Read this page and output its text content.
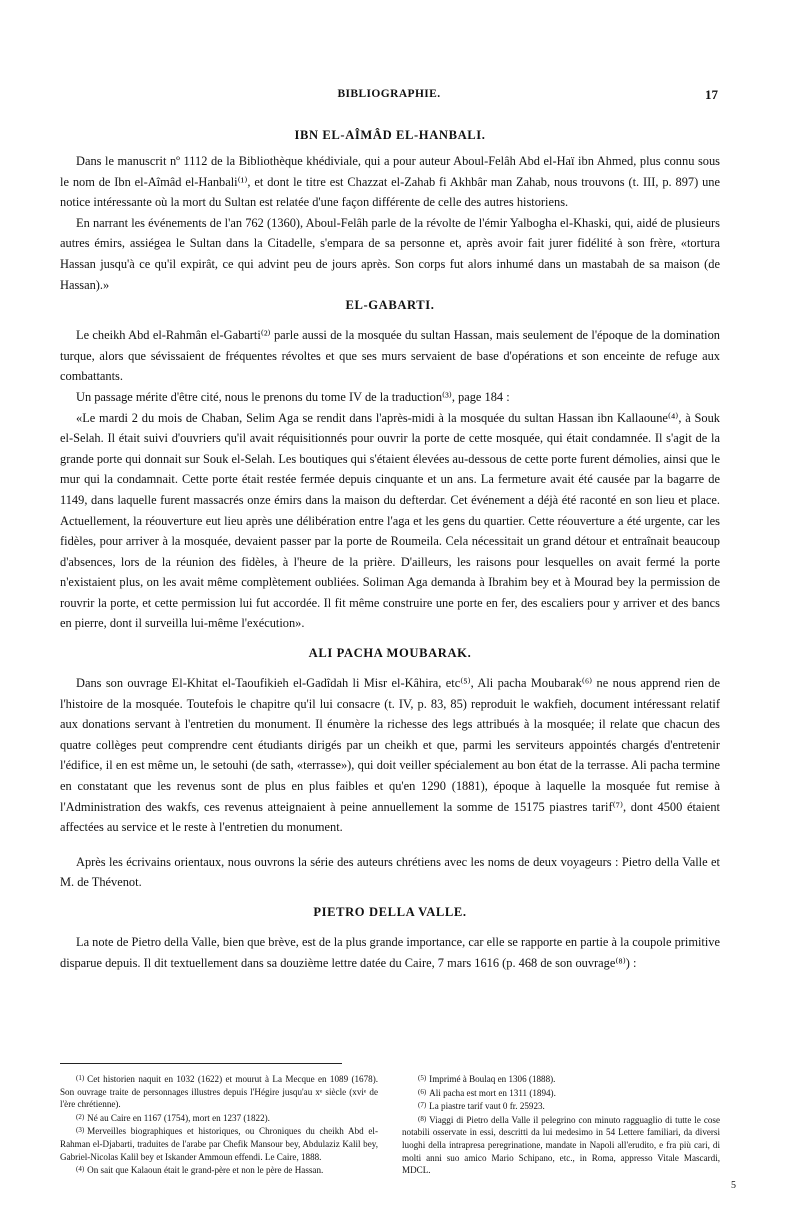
BIBLIOGRAPHIE.	17
IBN EL-AÎMÂD EL-HANBALI.

Dans le manuscrit nº 1112 de la Bibliothèque khédiviale, qui a pour auteur Aboul-Felâh Abd el-Haï ibn Ahmed, plus connu sous le nom de Ibn el-Aîmâd el-Hanbali⁽¹⁾, et dont le titre est Chazzat el-Zahab fi Akhbâr man Zahab, nous trouvons (t. III, p. 897) une notice intéressante où la mort du Sultan est relatée d'une façon différente de celle des autres historiens.

En narrant les événements de l'an 762 (1360), Aboul-Felâh parle de la révolte de l'émir Yalbogha el-Khaski, qui, aidé de plusieurs autres émirs, assiégea le Sultan dans la Citadelle, s'empara de sa personne et, après avoir fait jurer fidélité à son frère, «tortura Hassan jusqu'à ce qu'il expirât, ce qui advint peu de jours après. Son corps fut alors inhumé dans un mastabah de sa maison (de Hassan).»

EL-GABARTI.

Le cheikh Abd el-Rahmân el-Gabarti⁽²⁾ parle aussi de la mosquée du sultan Hassan, mais seulement de l'époque de la domination turque, alors que sévissaient de fréquentes révoltes et que ses murs servaient de base d'opérations et son enceinte de refuge aux combattants.

Un passage mérite d'être cité, nous le prenons du tome IV de la traduction⁽³⁾, page 184 :

«Le mardi 2 du mois de Chaban, Selim Aga se rendit dans l'après-midi à la mosquée du sultan Hassan ibn Kallaoune⁽⁴⁾, à Souk el-Selah. Il était suivi d'ouvriers qu'il avait réquisitionnés pour ouvrir la porte de cette mosquée, qui était condamnée. Il s'agit de la grande porte qui donnait sur Souk el-Selah. Les boutiques qui s'étaient élevées au-dessous de cette porte furent démolies, ainsi que le mur qui la condamnait. Cette porte était restée fermée depuis cinquante et un ans. La fermeture avait été causée par la bagarre de 1149, dans laquelle furent massacrés onze émirs dans la maison du defterdar. Cet événement a déjà été raconté en son lieu et place. Actuellement, la réouverture eut lieu après une délibération entre l'aga et les gens du quartier. Cette réouverture a été urgente, car les fidèles, pour arriver à la mosquée, devaient passer par la porte de Roumeila. Cela nécessitait un grand détour et entraînait beaucoup d'absences, lors de la réunion des fidèles, à l'heure de la prière. D'ailleurs, les raisons pour lesquelles on avait fermé la porte n'existaient plus, on les avait même complètement oubliées. Soliman Aga demanda à Ibrahim bey et à Mourad bey la permission de rouvrir la porte, et cette permission lui fut accordée. Il fit même construire une porte en fer, des escaliers pour y arriver et des bancs en pierre, dont il surveilla lui-même l'exécution».

ALI PACHA MOUBARAK.

Dans son ouvrage El-Khitat el-Taoufikieh el-Gadîdah li Misr el-Kâhira, etc⁽⁵⁾, Ali pacha Moubarak⁽⁶⁾ ne nous apprend rien de l'histoire de la mosquée. Toutefois le chapitre qu'il lui consacre (t. IV, p. 83, 85) reproduit le wakfieh, document intéressant relatif aux donations servant à l'entretien du monument. Il énumère la richesse des legs attribués à la mosquée; il relate que chacun des quatre collèges peut comprendre cent étudiants dirigés par un cheikh et que, parmi les serviteurs appointés chargés d'entretenir l'édifice, il en est même un, le setouhi (de sath, «terrasse»), qui doit veiller spécialement au bon état de la terrasse. Ali pacha termine en constatant que les revenus sont de plus en plus faibles et qu'en 1290 (1881), époque à laquelle la mosquée fut remise à l'Administration des wakfs, ces revenus atteignaient à peine annuellement la somme de 15175 piastres tarif⁽⁷⁾, dont 4500 étaient affectées au service et le reste à l'entretien du monument.

Après les écrivains orientaux, nous ouvrons la série des auteurs chrétiens avec les noms de deux voyageurs : Pietro della Valle et M. de Thévenot.

PIETRO DELLA VALLE.

La note de Pietro della Valle, bien que brève, est de la plus grande importance, car elle se rapporte en partie à la coupole primitive disparue depuis. Il dit textuellement dans sa douzième lettre datée du Caire, 7 mars 1616 (p. 468 de son ouvrage⁽⁸⁾) :

$^{(1)}$ Cet historien naquit en 1032 (1622) et mourut à La Mecque en 1089 (1678). Son ouvrage traite de personnages illustres depuis l'Hégire jusqu'au xᵉ siècle (xviᵉ de l'ère chrétienne).

$^{(2)}$ Né au Caire en 1167 (1754), mort en 1237 (1822).

$^{(3)}$ Merveilles biographiques et historiques, ou Chroniques du cheikh Abd el-Rahman el-Djabarti, traduites de l'arabe par Chefik Mansour bey, Abdulaziz Kalil bey, Gabriel-Nicolas Kalil bey et Iskander Ammoun effendi. Le Caire, 1888.

$^{(4)}$ On sait que Kalaoun était le grand-père et non le père de Hassan.

$^{(5)}$ Imprimé à Boulaq en 1306 (1888).

$^{(6)}$ Ali pacha est mort en 1311 (1894).

$^{(7)}$ La piastre tarif vaut 0 fr. 25923.

$^{(8)}$ Viaggi di Pietro della Valle il pelegrino con minuto ragguaglio di tutte le cose notabili osservate in essi, descritti da lui medesimo in 54 Lettere familiari, da diversi luoghi della intrapresa peregrinatione, mandate in Napoli all'erudito, e fra più cari, di molti anni suo amico Mario Schipano, etc., in Roma, appresso Vitale Mascardi, MDCL.

5
